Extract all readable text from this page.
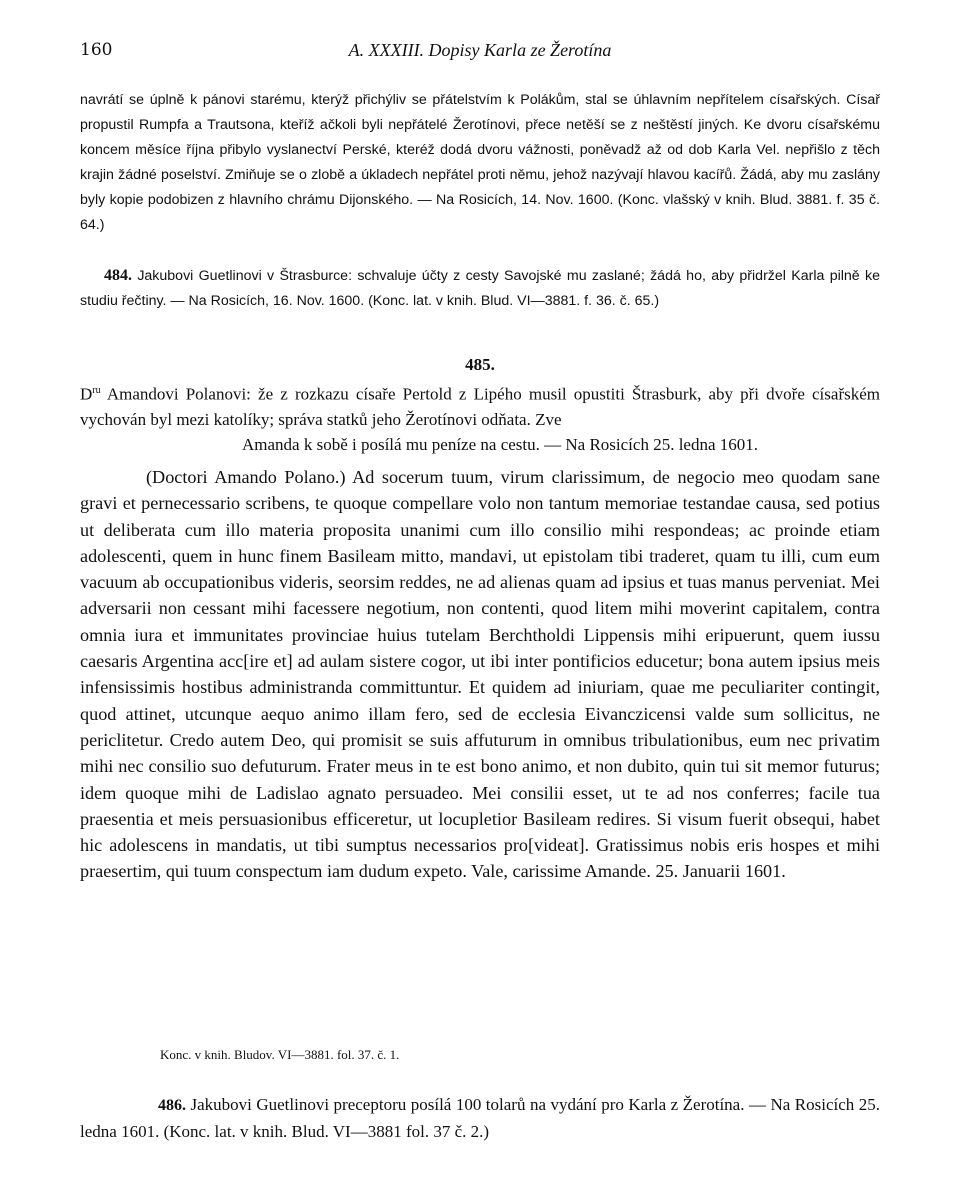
160	A. XXXIII. Dopisy Karla ze Žerotína

navrátí se úplně k pánovi starému, kterýž přichýliv se přátelstvím k Polákům, stal se úhlavním nepřítelem císařských. Císař propustil Rumpfa a Trautsona, kteříž ačkoli byli nepřátelé Žerotínovi, přece netěší se z neštěstí jiných. Ke dvoru císařskému koncem měsíce října přibylo vyslanectví Perské, kteréž dodá dvoru vážnosti, poněvadž až od dob Karla Vel. nepřišlo z těch krajin žádné poselství. Zmiňuje se o zlobě a úkladech nepřátel proti němu, jehož nazývají hlavou kacířů. Žádá, aby mu zaslány byly kopie podobizen z hlavního chrámu Dijonského. — Na Rosicích, 14. Nov. 1600. (Konc. vlašský v knih. Blud. 3881. f. 35 č. 64.)

484. Jakubovi Guetlinovi v Štrasburce: schvaluje účty z cesty Savojské mu zaslané; žádá ho, aby přidržel Karla pilně ke studiu řečtiny. — Na Rosicích, 16. Nov. 1600. (Konc. lat. v knih. Blud. VI—3881. f. 36. č. 65.)

485.
$D^{ru}$ Amandovi Polanovi: že z rozkazu císaře Pertold z Lipého musil opustiti Štrasburk, aby při dvoře císařském vychován byl mezi katolíky; správa statků jeho Žerotínovi odňata. Zve
Amanda k sobě i posílá mu peníze na cestu. — Na Rosicích 25. ledna 1601.

(Doctori Amando Polano.) Ad socerum tuum, virum clarissimum, de negocio meo quodam sane gravi et pernecessario scribens, te quoque compellare volo non tantum memoriae testandae causa, sed potius ut deliberata cum illo materia proposita unanimi cum illo consilio mihi respondeas; ac proinde etiam adolescenti, quem in hunc finem Basileam mitto, mandavi, ut epistolam tibi traderet, quam tu illi, cum eum vacuum ab occupationibus videris, seorsim reddes, ne ad alienas quam ad ipsius et tuas manus perveniat. Mei adversarii non cessant mihi facessere negotium, non contenti, quod litem mihi moverint capitalem, contra omnia iura et immunitates provinciae huius tutelam Berchtholdi Lippensis mihi eripuerunt, quem iussu caesaris Argentina acc[ire et] ad aulam sistere cogor, ut ibi inter pontificios educetur; bona autem ipsius meis infensissimis hostibus administranda committuntur. Et quidem ad iniuriam, quae me peculiariter contingit, quod attinet, utcunque aequo animo illam fero, sed de ecclesia Eivanczicensi valde sum sollicitus, ne periclitetur. Credo autem Deo, qui promisit se suis affuturum in omnibus tribulationibus, eum nec privatim mihi nec consilio suo defuturum. Frater meus in te est bono animo, et non dubito, quin tui sit memor futurus; idem quoque mihi de Ladislao agnato persuadeo. Mei consilii esset, ut te ad nos conferres; facile tua praesentia et meis persuasionibus efficeretur, ut locupletior Basileam redires. Si visum fuerit obsequi, habet hic adolescens in mandatis, ut tibi sumptus necessarios pro[videat]. Gratissimus nobis eris hospes et mihi praesertim, qui tuum conspectum iam dudum expeto. Vale, carissime Amande. 25. Januarii 1601.

Konc. v knih. Bludov. VI—3881. fol. 37. č. 1.

486. Jakubovi Guetlinovi preceptoru posílá 100 tolarů na vydání pro Karla z Žerotína. — Na Rosicích 25. ledna 1601. (Konc. lat. v knih. Blud. VI—3881 fol. 37 č. 2.)
